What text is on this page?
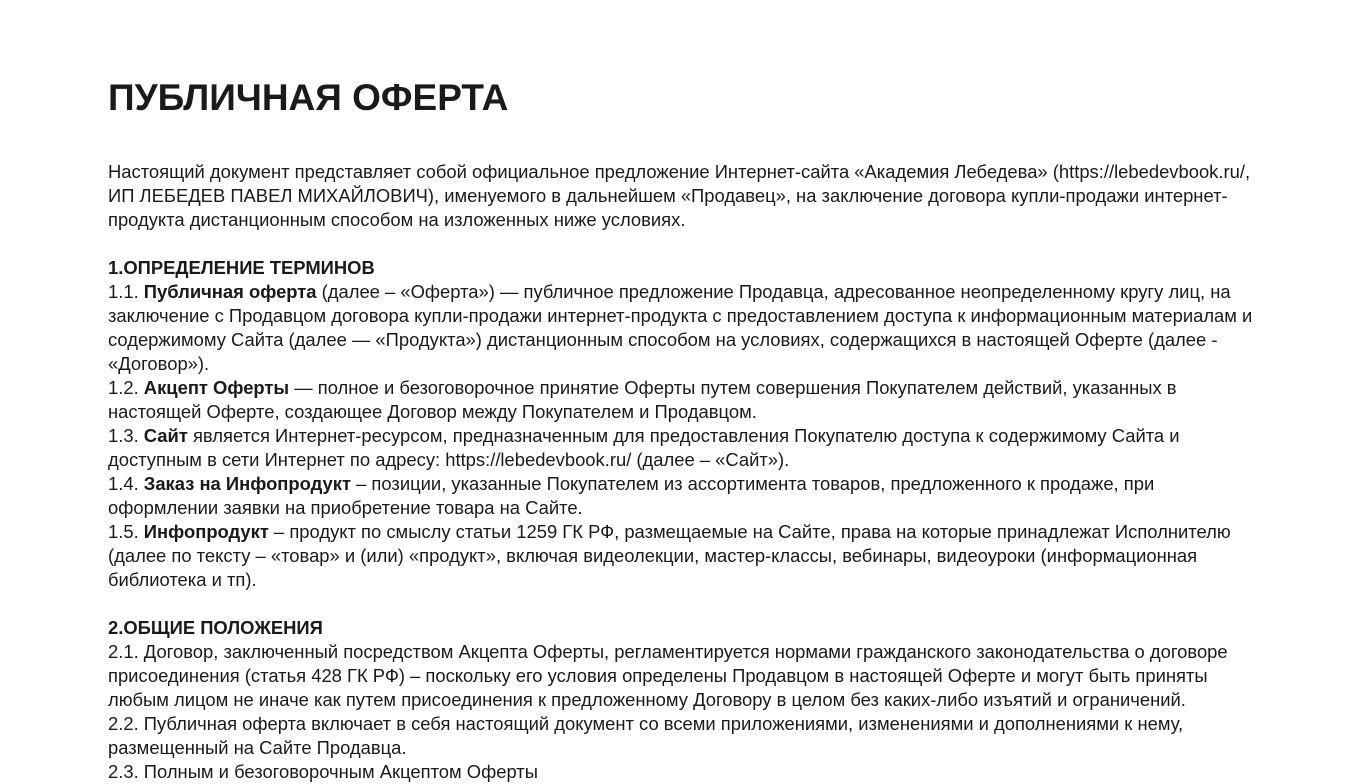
ПУБЛИЧНАЯ ОФЕРТА

Настоящий документ представляет собой официальное предложение Интернет-сайта «Академия Лебедева» (https://lebedevbook.ru/, ИП ЛЕБЕДЕВ ПАВЕЛ МИХАЙЛОВИЧ), именуемого в дальнейшем «Продавец», на заключение договора купли-продажи интернет-продукта дистанционным способом на изложенных ниже условиях.

1.ОПРЕДЕЛЕНИЕ ТЕРМИНОВ

1.1. Публичная оферта (далее – «Оферта») — публичное предложение Продавца, адресованное неопределенному кругу лиц, на заключение с Продавцом договора купли-продажи интернет-продукта с предоставлением доступа к информационным материалам и содержимому Сайта (далее — «Продукта») дистанционным способом на условиях, содержащихся в настоящей Оферте (далее - «Договор»).

1.2. Акцепт Оферты — полное и безоговорочное принятие Оферты путем совершения Покупателем действий, указанных в настоящей Оферте, создающее Договор между Покупателем и Продавцом.

1.3. Сайт является Интернет-ресурсом, предназначенным для предоставления Покупателю доступа к содержимому Сайта и доступным в сети Интернет по адресу: https://lebedevbook.ru/ (далее – «Сайт»).

1.4. Заказ на Инфопродукт – позиции, указанные Покупателем из ассортимента товаров, предложенного к продаже, при оформлении заявки на приобретение товара на Сайте.

1.5. Инфопродукт – продукт по смыслу статьи 1259 ГК РФ, размещаемые на Сайте, права на которые принадлежат Исполнителю (далее по тексту – «товар» и (или) «продукт», включая видеолекции, мастер-классы, вебинары, видеоуроки (информационная библиотека и тп).

2.ОБЩИЕ ПОЛОЖЕНИЯ

2.1. Договор, заключенный посредством Акцепта Оферты, регламентируется нормами гражданского законодательства о договоре присоединения (статья 428 ГК РФ) – поскольку его условия определены Продавцом в настоящей Оферте и могут быть приняты любым лицом не иначе как путем присоединения к предложенному Договору в целом без каких-либо изъятий и ограничений.

2.2. Публичная оферта включает в себя настоящий документ со всеми приложениями, изменениями и дополнениями к нему, размещенный на Сайте Продавца.

2.3. Полным и безоговорочным Акцептом Оферты
